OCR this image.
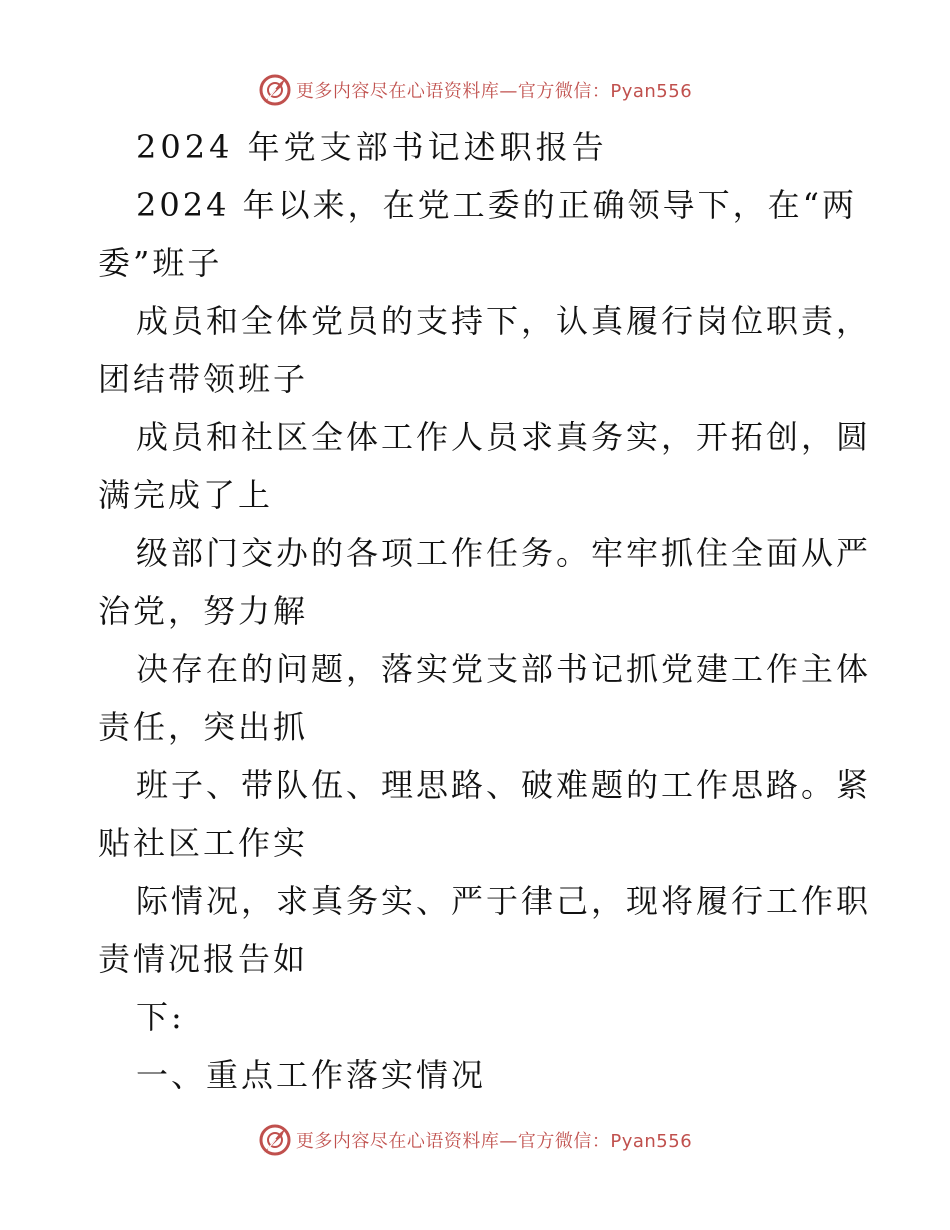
更多内容尽在心语资料库—官方微信：Pyan556
2024 年党支部书记述职报告
2024 年以来，在党工委的正确领导下，在“两
委”班子
成员和全体党员的支持下，认真履行岗位职责，
团结带领班子
成员和社区全体工作人员求真务实，开拓创，圆
满完成了上
级部门交办的各项工作任务。牢牢抓住全面从严
治党，努力解
决存在的问题，落实党支部书记抓党建工作主体
责任，突出抓
班子、带队伍、理思路、破难题的工作思路。紧
贴社区工作实
际情况，求真务实、严于律己，现将履行工作职
责情况报告如
下:
一、重点工作落实情况
更多内容尽在心语资料库—官方微信：Pyan556
